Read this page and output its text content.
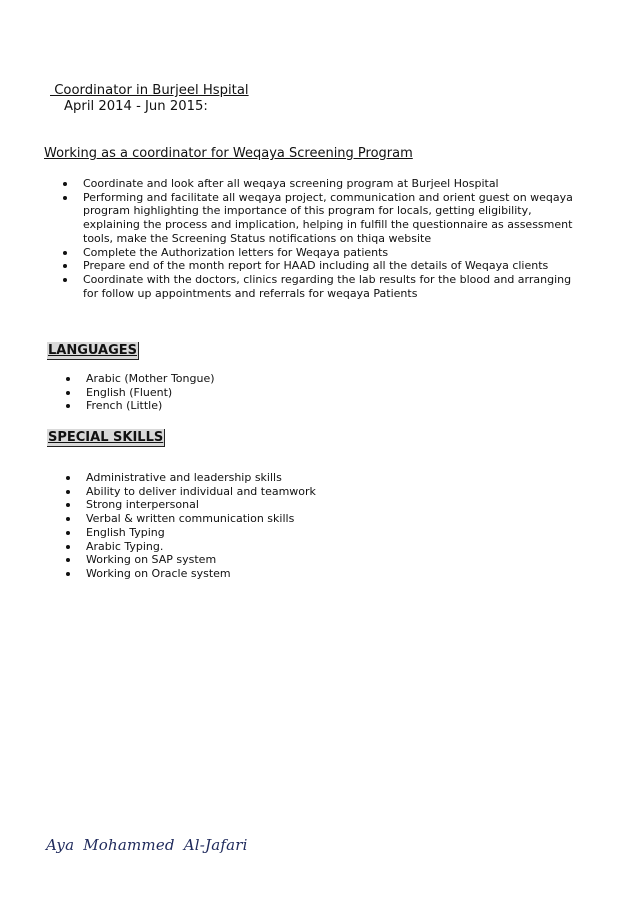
Coordinator in Burjeel Hspital
April 2014 - Jun 2015:
Working as a coordinator for Weqaya Screening Program
Coordinate and look after all weqaya screening program at Burjeel Hospital
Performing and facilitate all weqaya project, communication and orient guest on weqaya program highlighting the importance of this program for locals, getting eligibility, explaining the process and implication, helping in fulfill the questionnaire as assessment tools, make the Screening Status notifications on thiqa website
Complete the Authorization letters for Weqaya patients
Prepare end of the month report for HAAD including all the details of Weqaya clients
Coordinate with the doctors, clinics regarding the lab results for the blood and arranging for follow up appointments and referrals for weqaya Patients
LANGUAGES
Arabic (Mother Tongue)
English (Fluent)
French (Little)
SPECIAL SKILLS
Administrative and leadership skills
Ability to deliver individual and teamwork
Strong interpersonal
Verbal & written communication skills
English Typing
Arabic Typing.
Working on SAP system
Working on Oracle system
Aya Mohammed Al-Jafari
